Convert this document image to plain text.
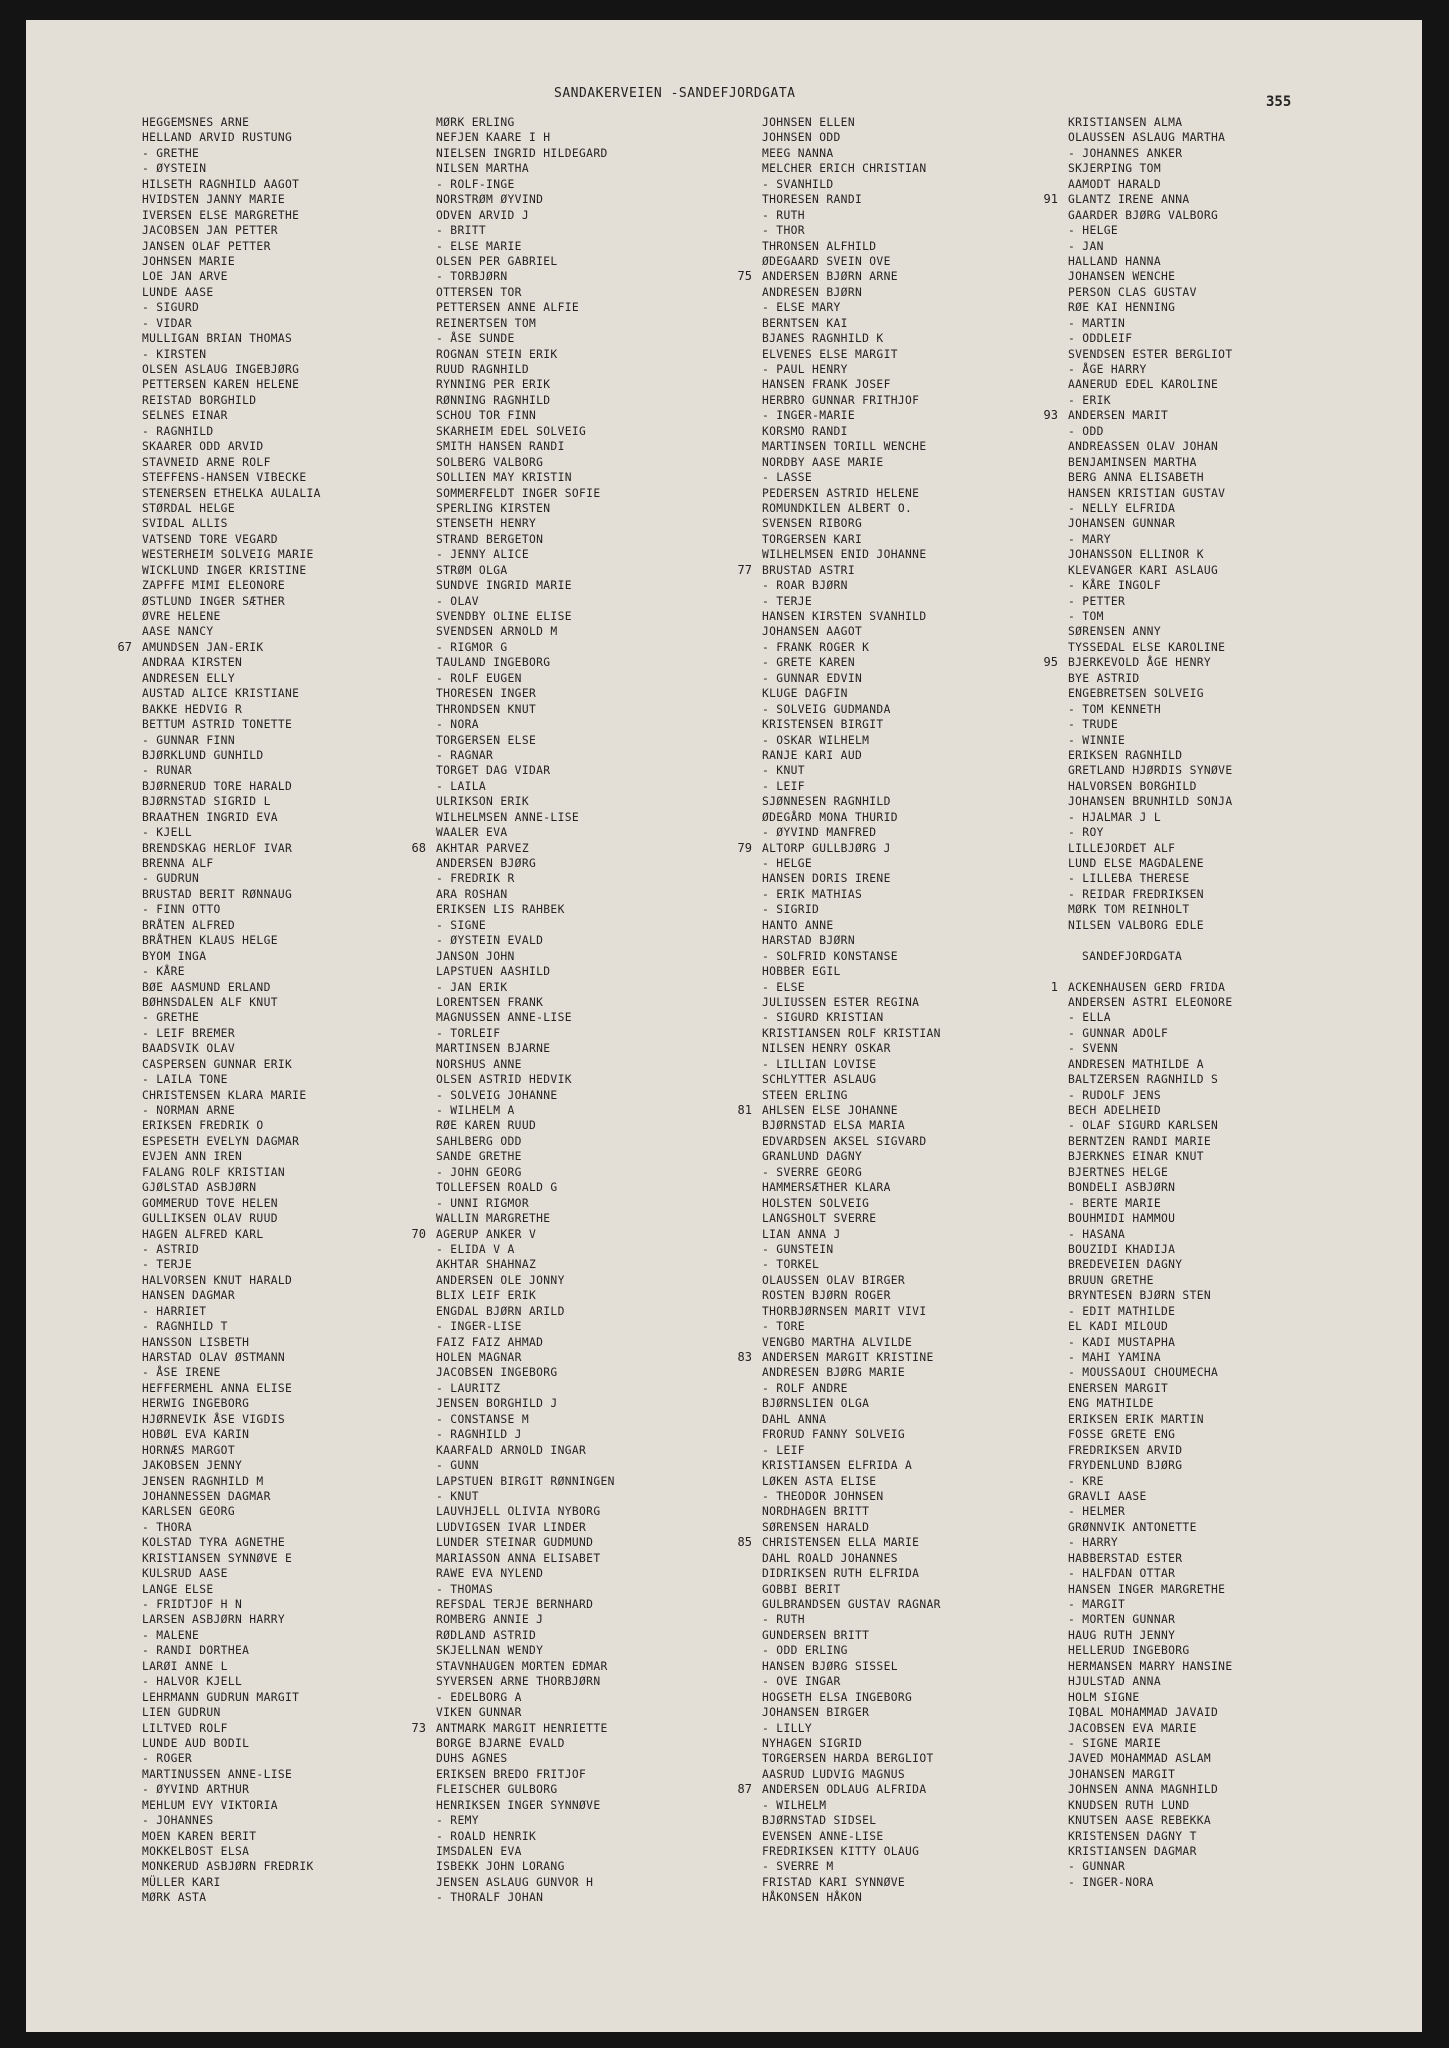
SANDAKERVEIEN -SANDEFJORDGATA
355
HEGGEMSNES ARNE
HELLAND ARVID RUSTUNG
- GRETHE
- ØYSTEIN
HILSETH RAGNHILD AAGOT
HVIDSTEN JANNY MARIE
IVERSEN ELSE MARGRETHE
JACOBSEN JAN PETTER
JANSEN OLAF PETTER
JOHNSEN MARIE
LOE JAN ARVE
LUNDE AASE
- SIGURD
- VIDAR
MULLIGAN BRIAN THOMAS
- KIRSTEN
OLSEN ASLAUG INGEBJØRG
PETTERSEN KAREN HELENE
REISTAD BORGHILD
SELNES EINAR
- RAGNHILD
SKAARER ODD ARVID
STAVNEID ARNE ROLF
STEFFENS-HANSEN VIBECKE
STENERSEN ETHELKA AULALIA
STØRDAL HELGE
SVIDAL ALLIS
VATSEND TORE VEGARD
WESTERHEIM SOLVEIG MARIE
WICKLUND INGER KRISTINE
ZAPFFE MIMI ELEONORE
ØSTLUND INGER SÆTHER
ØVRE HELENE
AASE NANCY
67 AMUNDSEN JAN-ERIK
ANDRAA KIRSTEN
ANDRESEN ELLY
AUSTAD ALICE KRISTIANE
BAKKE HEDVIG R
BETTUM ASTRID TONETTE
- GUNNAR FINN
BJØRKLUND GUNHILD
- RUNAR
BJØRNERUD TORE HARALD
BJØRNSTAD SIGRID L
BRAATHEN INGRID EVA
- KJELL
BRENDSKAG HERLOF IVAR
BRENNA ALF
- GUDRUN
BRUSTAD BERIT RØNNAUG
- FINN OTTO
BRÅTEN ALFRED
BRÅTHEN KLAUS HELGE
BYOM INGA
- KÅRE
BØE AASMUND ERLAND
BØHNSDALEN ALF KNUT
- GRETHE
- LEIF BREMER
BAADSVIK OLAV
CASPERSEN GUNNAR ERIK
- LAILA TONE
CHRISTENSEN KLARA MARIE
- NORMAN ARNE
ERIKSEN FREDRIK O
ESPESETH EVELYN DAGMAR
EVJEN ANN IREN
FALANG ROLF KRISTIAN
GJØLSTAD ASBJØRN
GOMMERUD TOVE HELEN
GULLIKSEN OLAV RUUD
HAGEN ALFRED KARL
- ASTRID
- TERJE
HALVORSEN KNUT HARALD
HANSEN DAGMAR
- HARRIET
- RAGNHILD T
HANSSON LISBETH
HARSTAD OLAV ØSTMANN
- ÅSE IRENE
HEFFERMEHL ANNA ELISE
HERWIG INGEBORG
HJØRNEVIK ÅSE VIGDIS
HOBØL EVA KARIN
HORNÆS MARGOT
JAKOBSEN JENNY
JENSEN RAGNHILD M
JOHANNESSEN DAGMAR
KARLSEN GEORG
- THORA
KOLSTAD TYRA AGNETHE
KRISTIANSEN SYNNØVE E
KULSRUD AASE
LANGE ELSE
- FRIDTJOF H N
LARSEN ASBJØRN HARRY
- MALENE
- RANDI DORTHEA
LARØI ANNE L
- HALVOR KJELL
LEHRMANN GUDRUN MARGIT
LIEN GUDRUN
LILTVED ROLF
LUNDE AUD BODIL
- ROGER
MARTINUSSEN ANNE-LISE
- ØYVIND ARTHUR
MEHLUM EVY VIKTORIA
- JOHANNES
MOEN KAREN BERIT
MOKKELBOST ELSA
MONKERUD ASBJØRN FREDRIK
MÜLLER KARI
MØRK ASTA
MØRK ERLING
NEFJEN KAARE I H
NIELSEN INGRID HILDEGARD
NILSEN MARTHA
- ROLF-INGE
NORSTRØM ØYVIND
ODVEN ARVID J
- BRITT
- ELSE MARIE
OLSEN PER GABRIEL
- TORBJØRN
OTTERSEN TOR
PETTERSEN ANNE ALFIE
REINERTSEN TOM
- ÅSE SUNDE
ROGNAN STEIN ERIK
RUUD RAGNHILD
RYNNING PER ERIK
RØNNING RAGNHILD
SCHOU TOR FINN
SKARHEIM EDEL SOLVEIG
SMITH HANSEN RANDI
SOLBERG VALBORG
SOLLIEN MAY KRISTIN
SOMMERFELDT INGER SOFIE
SPERLING KIRSTEN
STENSETH HENRY
STRAND BERGETON
- JENNY ALICE
STRØM OLGA
SUNDVE INGRID MARIE
- OLAV
SVENDBY OLINE ELISE
SVENDSEN ARNOLD M
- RIGMOR G
TAULAND INGEBORG
- ROLF EUGEN
THORESEN INGER
THRONDSEN KNUT
- NORA
TORGERSEN ELSE
- RAGNAR
TORGET DAG VIDAR
- LAILA
ULRIKSON ERIK
WILHELMSEN ANNE-LISE
WAALER EVA
68 AKHTAR PARVEZ
ANDERSEN BJØRG
- FREDRIK R
ARA ROSHAN
ERIKSEN LIS RAHBEK
- SIGNE
- ØYSTEIN EVALD
JANSON JOHN
LAPSTUEN AASHILD
- JAN ERIK
LORENTSEN FRANK
MAGNUSSEN ANNE-LISE
- TORLEIF
MARTINSEN BJARNE
NORSHUS ANNE
OLSEN ASTRID HEDVIK
- SOLVEIG JOHANNE
- WILHELM A
RØE KAREN RUUD
SAHLBERG ODD
SANDE GRETHE
- JOHN GEORG
TOLLEFSEN ROALD G
- UNNI RIGMOR
WALLIN MARGRETHE
70 AGERUP ANKER V
- ELIDA V A
AKHTAR SHAHNAZ
ANDERSEN OLE JONNY
BLIX LEIF ERIK
ENGDAL BJØRN ARILD
- INGER-LISE
FAIZ FAIZ AHMAD
HOLEN MAGNAR
JACOBSEN INGEBORG
- LAURITZ
JENSEN BORGHILD J
- CONSTANSE M
- RAGNHILD J
KAARFALD ARNOLD INGAR
- GUNN
LAPSTUEN BIRGIT RØNNINGEN
- KNUT
LAUVHJELL OLIVIA NYBORG
LUDVIGSEN IVAR LINDER
LUNDER STEINAR GUDMUND
MARIASSON ANNA ELISABET
RAWE EVA NYLEND
- THOMAS
REFSDAL TERJE BERNHARD
ROMBERG ANNIE J
RØDLAND ASTRID
SKJELLNAN WENDY
STAVNHAUGEN MORTEN EDMAR
SYVERSEN ARNE THORBJØRN
- EDELBORG A
VIKEN GUNNAR
73 ANTMARK MARGIT HENRIETTE
BORGE BJARNE EVALD
DUHS AGNES
ERIKSEN BREDO FRITJOF
FLEISCHER GULBORG
HENRIKSEN INGER SYNNØVE
- REMY
- ROALD HENRIK
IMSDALEN EVA
ISBEKK JOHN LORANG
JENSEN ASLAUG GUNVOR H
- THORALF JOHAN
JOHNSEN ELLEN
JOHNSEN ODD
MEEG NANNA
MELCHER ERICH CHRISTIAN
- SVANHILD
THORESEN RANDI
- RUTH
- THOR
THRONSEN ALFHILD
ØDEGAARD SVEIN OVE
75 ANDERSEN BJØRN ARNE
ANDRESEN BJØRN
- ELSE MARY
BERNTSEN KAI
BJANES RAGNHILD K
ELVENES ELSE MARGIT
- PAUL HENRY
HANSEN FRANK JOSEF
HERBRO GUNNAR FRITHJOF
- INGER-MARIE
KORSMO RANDI
MARTINSEN TORILL WENCHE
NORDBY AASE MARIE
- LASSE
PEDERSEN ASTRID HELENE
ROMUNDKILEN ALBERT O.
SVENSEN RIBORG
TORGERSEN KARI
WILHELMSEN ENID JOHANNE
77 BRUSTAD ASTRI
- ROAR BJØRN
- TERJE
HANSEN KIRSTEN SVANHILD
JOHANSEN AAGOT
- FRANK ROGER K
- GRETE KAREN
- GUNNAR EDVIN
KLUGE DAGFIN
- SOLVEIG GUDMANDA
KRISTENSEN BIRGIT
- OSKAR WILHELM
RANJE KARI AUD
- KNUT
- LEIF
SJØNNESEN RAGNHILD
ØDEGÅRD MONA THURID
- ØYVIND MANFRED
79 ALTORP GULLBJØRG J
- HELGE
HANSEN DORIS IRENE
- ERIK MATHIAS
- SIGRID
HANTO ANNE
HARSTAD BJØRN
- SOLFRID KONSTANSE
HOBBER EGIL
- ELSE
JULIUSSEN ESTER REGINA
- SIGURD KRISTIAN
KRISTIANSEN ROLF KRISTIAN
NILSEN HENRY OSKAR
- LILLIAN LOVISE
SCHLYTTER ASLAUG
STEEN ERLING
81 AHLSEN ELSE JOHANNE
BJØRNSTAD ELSA MARIA
EDVARDSEN AKSEL SIGVARD
GRANLUND DAGNY
- SVERRE GEORG
HAMMERSÆTHER KLARA
HOLSTEN SOLVEIG
LANGSHOLT SVERRE
LIAN ANNA J
- GUNSTEIN
- TORKEL
OLAUSSEN OLAV BIRGER
ROSTEN BJØRN ROGER
THORBJØRNSEN MARIT VIVI
- TORE
VENGBO MARTHA ALVILDE
83 ANDERSEN MARGIT KRISTINE
ANDRESEN BJØRG MARIE
- ROLF ANDRE
BJØRNSLIEN OLGA
DAHL ANNA
FRORUD FANNY SOLVEIG
- LEIF
KRISTIANSEN ELFRIDA A
LØKEN ASTA ELISE
- THEODOR JOHNSEN
NORDHAGEN BRITT
SØRENSEN HARALD
85 CHRISTENSEN ELLA MARIE
DAHL ROALD JOHANNES
DIDRIKSEN RUTH ELFRIDA
GOBBI BERIT
GULBRANDSEN GUSTAV RAGNAR
- RUTH
GUNDERSEN BRITT
- ODD ERLING
HANSEN BJØRG SISSEL
- OVE INGAR
HOGSETH ELSA INGEBORG
JOHANSEN BIRGER
- LILLY
NYHAGEN SIGRID
TORGERSEN HARDA BERGLIOT
AASRUD LUDVIG MAGNUS
87 ANDERSEN ODLAUG ALFRIDA
- WILHELM
BJØRNSTAD SIDSEL
EVENSEN ANNE-LISE
FREDRIKSEN KITTY OLAUG
- SVERRE M
FRISTAD KARI SYNNØVE
HÅKONSEN HÅKON
KRISTIANSEN ALMA
OLAUSSEN ASLAUG MARTHA
- JOHANNES ANKER
SKJERPING TOM
AAMODT HARALD
91 GLANTZ IRENE ANNA
GAARDER BJØRG VALBORG
- HELGE
- JAN
HALLAND HANNA
JOHANSEN WENCHE
PERSON CLAS GUSTAV
RØE KAI HENNING
- MARTIN
- ODDLEIF
SVENDSEN ESTER BERGLIOT
- ÅGE HARRY
AANERUD EDEL KAROLINE
- ERIK
93 ANDERSEN MARIT
- ODD
ANDREASSEN OLAV JOHAN
BENJAMINSEN MARTHA
BERG ANNA ELISABETH
HANSEN KRISTIAN GUSTAV
- NELLY ELFRIDA
JOHANSEN GUNNAR
- MARY
JOHANSSON ELLINOR K
KLEVANGER KARI ASLAUG
- KÅRE INGOLF
- PETTER
- TOM
SØRENSEN ANNY
TYSSEDAL ELSE KAROLINE
95 BJERKEVOLD ÅGE HENRY
BYE ASTRID
ENGEBRETSEN SOLVEIG
- TOM KENNETH
- TRUDE
- WINNIE
ERIKSEN RAGNHILD
GRETLAND HJØRDIS SYNØVE
HALVORSEN BORGHILD
JOHANSEN BRUNHILD SONJA
- HJALMAR J L
- ROY
LILLEJORDET ALF
LUND ELSE MAGDALENE
- LILLEBA THERESE
- REIDAR FREDRIKSEN
MØRK TOM REINHOLT
NILSEN VALBORG EDLE
SANDEFJORDGATA
1 ACKENHAUSEN GERD FRIDA
ANDERSEN ASTRI ELEONORE
- ELLA
- GUNNAR ADOLF
- SVENN
ANDRESEN MATHILDE A
BALTZERSEN RAGNHILD S
- RUDOLF JENS
BECH ADELHEID
- OLAF SIGURD KARLSEN
BERNTZEN RANDI MARIE
BJERKNES EINAR KNUT
BJERTNES HELGE
BONDELI ASBJØRN
- BERTE MARIE
BOUHMIDI HAMMOU
- HASANA
BOUZIDI KHADIJA
BREDEVEIEN DAGNY
BRUUN GRETHE
BRYNTESEN BJØRN STEN
- EDIT MATHILDE
EL KADI MILOUD
- KADI MUSTAPHA
- MAHI YAMINA
- MOUSSAOUI CHOUMECHA
ENERSEN MARGIT
ENG MATHILDE
ERIKSEN ERIK MARTIN
FOSSE GRETE ENG
FREDRIKSEN ARVID
FRYDENLUND BJØRG
- KRE
GRAVLI AASE
- HELMER
GRØNNVIK ANTONETTE
- HARRY
HABBERSTAD ESTER
- HALFDAN OTTAR
HANSEN INGER MARGRETHE
- MARGIT
- MORTEN GUNNAR
HAUG RUTH JENNY
HELLERUD INGEBORG
HERMANSEN MARRY HANSINE
HJULSTAD ANNA
HOLM SIGNE
IQBAL MOHAMMAD JAVAID
JACOBSEN EVA MARIE
- SIGNE MARIE
JAVED MOHAMMAD ASLAM
JOHANSEN MARGIT
JOHNSEN ANNA MAGNHILD
KNUDSEN RUTH LUND
KNUTSEN AASE REBEKKA
KRISTENSEN DAGNY T
KRISTIANSEN DAGMAR
- GUNNAR
- INGER-NORA
